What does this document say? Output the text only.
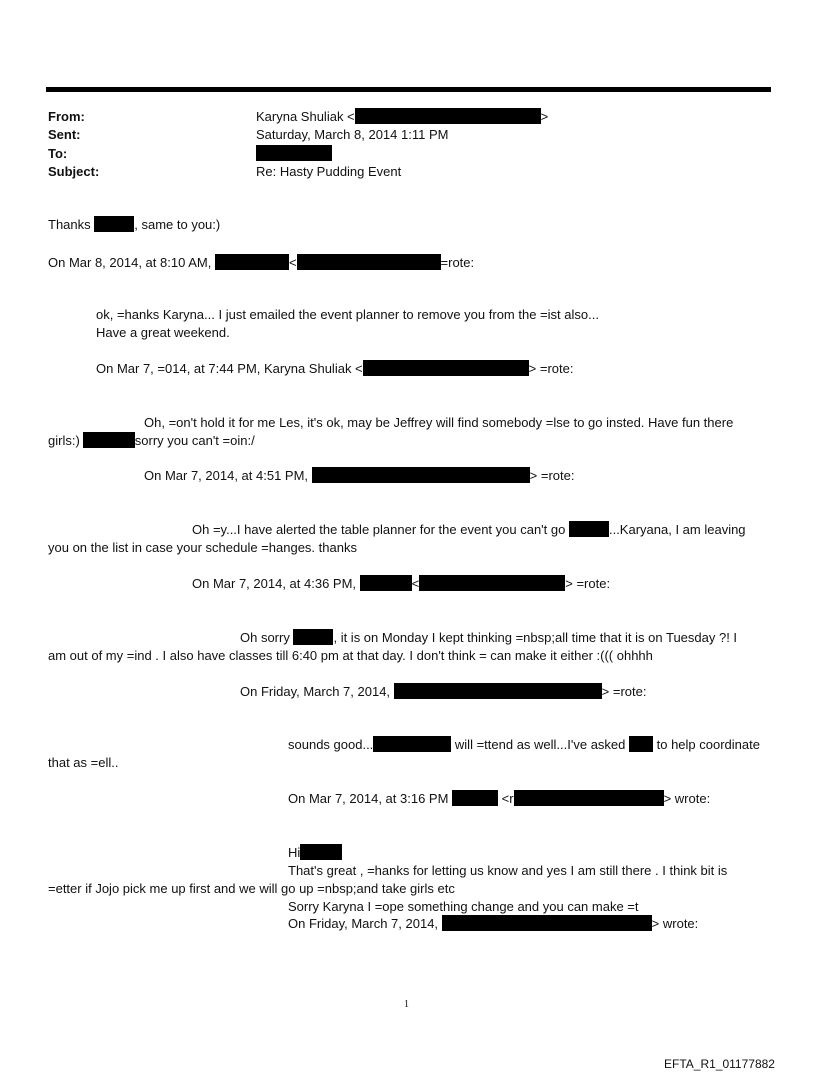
From:	Karyna Shuliak <	>
Sent:	Saturday, March 8, 2014 1:11 PM
To:
Subject:	Re: Hasty Pudding Event
Thanks	, same to you:)
On Mar 8, 2014, at 8:10 AM,	<	=rote:
ok, =hanks Karyna... I just emailed the event planner to remove you from the =ist also...
Have a great weekend.
On Mar 7, =014, at 7:44 PM, Karyna Shuliak <	> =rote:
Oh, =on't hold it for me Les, it's ok, may be Jeffrey will find somebody =lse to go insted. Have fun there
girls:)	sorry you can't =oin:/
On Mar 7, 2014, at 4:51 PM,	> =rote:
Oh =y...I have alerted the table planner for the event you can't go	...Karyana, I am leaving
you on the list in case your schedule =hanges. thanks
On Mar 7, 2014, at 4:36 PM,	<	> =rote:
Oh sorry	, it is on Monday I kept thinking =nbsp;all time that it is on Tuesday ?! I
am out of my =ind . I also have classes till 6:40 pm at that day. I don't think = can make it either :((( ohhhh
On Friday, March 7, 2014,	> =rote:
sounds good...	will =ttend as well...I've asked  to help coordinate
that as =ell..
On Mar 7, 2014, at 3:16 PM	<r	> wrote:
Hi
That's great , =hanks for letting us know and yes I am still there . I think bit is
=etter if Jojo pick me up first and we will go up =nbsp;and take girls etc
Sorry Karyna I =ope something change and you can make =t
On Friday, March 7, 2014,	> wrote:
1
EFTA_R1_01177882
